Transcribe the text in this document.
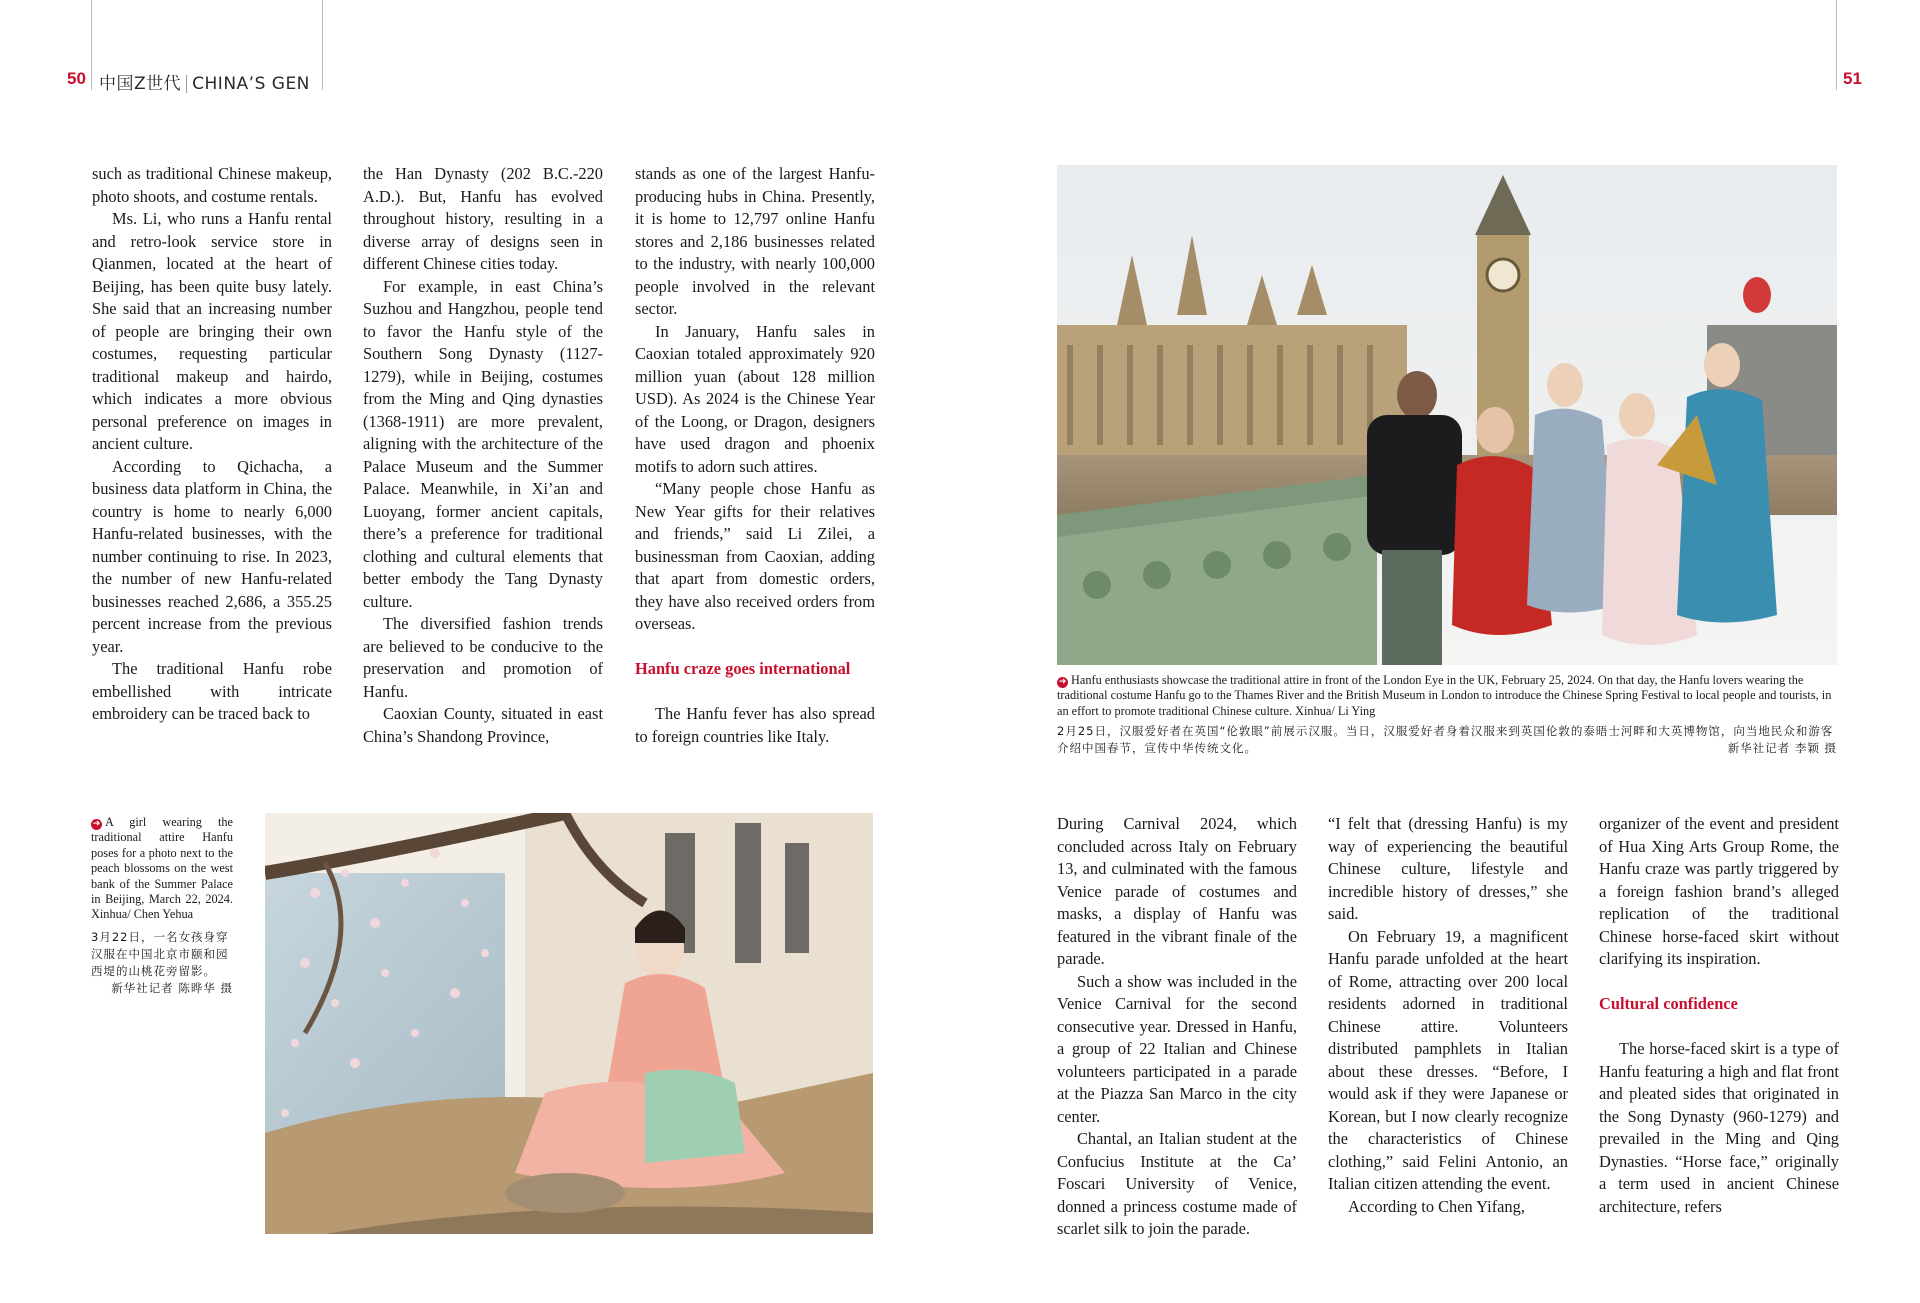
50 中国Z世代 CHINA’S GEN	51

such as traditional Chinese makeup, photo shoots, and costume rentals.

Ms. Li, who runs a Hanfu rental and retro-look service store in Qianmen, located at the heart of Beijing, has been quite busy lately. She said that an increasing number of people are bringing their own costumes, requesting particular traditional makeup and hairdo, which indicates a more obvious personal preference on images in ancient culture.

According to Qichacha, a business data platform in China, the country is home to nearly 6,000 Hanfu-related businesses, with the number continuing to rise. In 2023, the number of new Hanfu-related businesses reached 2,686, a 355.25 percent increase from the previous year.

The traditional Hanfu robe embellished with intricate embroidery can be traced back to

the Han Dynasty (202 B.C.-220 A.D.). But, Hanfu has evolved throughout history, resulting in a diverse array of designs seen in different Chinese cities today.

For example, in east China’s Suzhou and Hangzhou, people tend to favor the Hanfu style of the Southern Song Dynasty (1127-1279), while in Beijing, costumes from the Ming and Qing dynasties (1368-1911) are more prevalent, aligning with the architecture of the Palace Museum and the Summer Palace. Meanwhile, in Xi’an and Luoyang, former ancient capitals, there’s a preference for traditional clothing and cultural elements that better embody the Tang Dynasty culture.

The diversified fashion trends are believed to be conducive to the preservation and promotion of Hanfu.

Caoxian County, situated in east China’s Shandong Province,

stands as one of the largest Hanfu-producing hubs in China. Presently, it is home to 12,797 online Hanfu stores and 2,186 businesses related to the industry, with nearly 100,000 people involved in the relevant sector.

In January, Hanfu sales in Caoxian totaled approximately 920 million yuan (about 128 million USD). As 2024 is the Chinese Year of the Loong, or Dragon, designers have used dragon and phoenix motifs to adorn such attires.

“Many people chose Hanfu as New Year gifts for their relatives and friends,” said Li Zilei, a businessman from Caoxian, adding that apart from domestic orders, they have also received orders from overseas.

Hanfu craze goes international

The Hanfu fever has also spread to foreign countries like Italy.

➜ Hanfu enthusiasts showcase the traditional attire in front of the London Eye in the UK, February 25, 2024. On that day, the Hanfu lovers wearing the traditional costume Hanfu go to the Thames River and the British Museum in London to introduce the Chinese Spring Festival to local people and tourists, in an effort to promote traditional Chinese culture. Xinhua/ Li Ying

2月25日，汉服爱好者在英国“伦敦眼”前展示汉服。当日，汉服爱好者身着汉服来到英国伦敦的泰晤士河畔和大英博物馆，向当地民众和游客介绍中国春节，宣传中华传统文化。	新华社记者 李颖 摄

➜ A girl wearing the traditional attire Hanfu poses for a photo next to the peach blossoms on the west bank of the Summer Palace in Beijing, March 22, 2024. Xinhua/ Chen Yehua

3月22日，一名女孩身穿汉服在中国北京市颐和园西堤的山桃花旁留影。

新华社记者 陈晔华 摄

During Carnival 2024, which concluded across Italy on February 13, and culminated with the famous Venice parade of costumes and masks, a display of Hanfu was featured in the vibrant finale of the parade.

Such a show was included in the Venice Carnival for the second consecutive year. Dressed in Hanfu, a group of 22 Italian and Chinese volunteers participated in a parade at the Piazza San Marco in the city center.

Chantal, an Italian student at the Confucius Institute at the Ca’ Foscari University of Venice, donned a princess costume made of scarlet silk to join the parade.

“I felt that (dressing Hanfu) is my way of experiencing the beautiful Chinese culture, lifestyle and incredible history of dresses,” she said.

On February 19, a magnificent Hanfu parade unfolded at the heart of Rome, attracting over 200 local residents adorned in traditional Chinese attire. Volunteers distributed pamphlets in Italian about these dresses. “Before, I would ask if they were Japanese or Korean, but I now clearly recognize the characteristics of Chinese clothing,” said Felini Antonio, an Italian citizen attending the event.

According to Chen Yifang,

organizer of the event and president of Hua Xing Arts Group Rome, the Hanfu craze was partly triggered by a foreign fashion brand’s alleged replication of the traditional Chinese horse-faced skirt without clarifying its inspiration.

Cultural confidence

The horse-faced skirt is a type of Hanfu featuring a high and flat front and pleated sides that originated in the Song Dynasty (960-1279) and prevailed in the Ming and Qing Dynasties. “Horse face,” originally a term used in ancient Chinese architecture, refers
